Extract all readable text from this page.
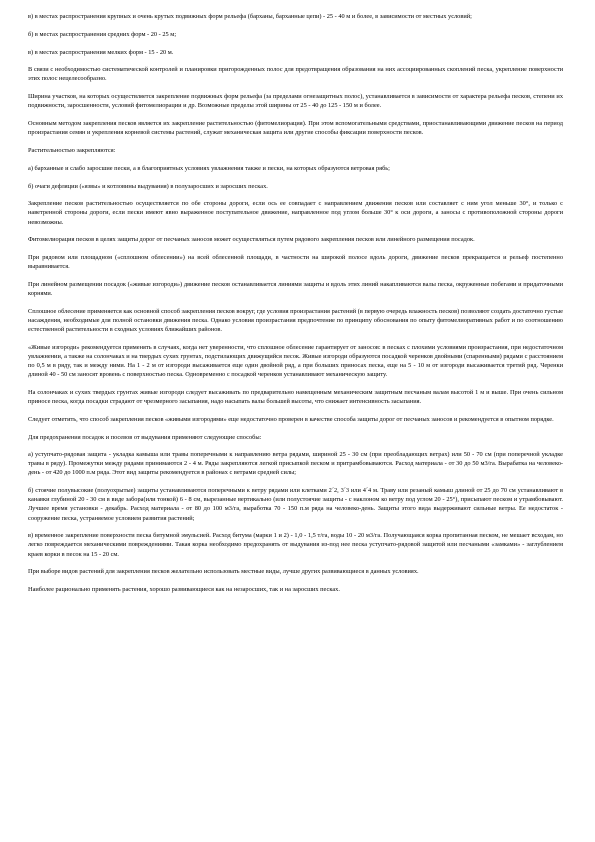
в) в местах распространения крупных и очень крутых подвижных форм рельефа (барханы, барханные цепи) - 25 - 40 м и более, в зависимости от местных условий;

б) в местах распространения средних форм - 20 - 25 м;

в) в местах распространения мелких форм - 15 - 20 м.

В связи с необходимостью систематической контролей и планировки пригорожденных полос для предотвращения образования на них ассоциированных скоплений песка, укрепление поверхности этих полос нецелесообразно.

Ширина участков, на которых осуществляется закрепление подвижных форм рельефа (за пределами огнезащитных полос), устанавливается в зависимости от характера рельефа песков, степени их подвижности, заросшенности, условий фитомелиорации и др. Возможные пределы этой ширины от 25 - 40 до 125 - 150 м и более.

Основным методом закрепления песков является их закрепление растительностью (фитомелиорация). При этом вспомогательными средствами, приостанавливающими движение песков на период произрастания семян и укрепления корневой системы растений, служат механическая защита или другие способы фиксации поверхности песков.

Растительностью закрепляются:

а) барханные и слабо заросшие пески, а в благоприятных условиях увлажнения также и пески, на которых образуются ветровая рябь;

б) очаги дефляции («язвы» и котловины выдувания) в полузаросших и заросших песках.

Закрепление песков растительностью осуществляется по обе стороны дороги, если ось ее совпадает с направлением движения песков или составляет с ним угол меньше 30°, и только с наветренной стороны дороги, если пески имеют явно выраженное поступательное движение, направленное под углом больше 30° к оси дороги, а заносы с противоположной стороны дороги невозможны.

Фитомелиорация песков в целях защиты дорог от песчаных заносов может осуществляться путем рядового закрепления песков или линейного размещения посадок.

При рядовом или площадном («сплошном облесении») на всей облесенной площади, в частности на широкой полосе вдоль дороги, движение песков прекращается и рельеф постепенно выравнивается.

При линейном размещении посадок («живые изгороди») движение песков останавливается линиями защиты и вдоль этих линий накапливаются валы песка, окруженные побегами и придаточными корнями.

Сплошное облесение применяется как основной способ закрепления песков вокруг, где условия произрастания растений (в первую очередь влажность песков) позволяют создать достаточно густые насаждения, необходимые для полной остановки движения песка. Однако условия произрастания предпочтение по принципу обоснования по опыту фитомелиоративных работ и по соотношению естественной растительности в сходных условиях ближайших районов.

«Живые изгороди» рекомендуется применять в случаях, когда нет уверенности, что сплошное облесение гарантирует от заносов: в песках с плохими условиями произрастания, при недостаточном увлажнении, а также на солончаках и на твердых сухих грунтах, подстилающих движущийся песок. Живые изгороди образуются посадкой черенков двойными (спаренными) рядами с расстоянием по 0,5 м в ряду, так и между ними. На 1 - 2 м от изгороди высаживается еще один двойной ряд, а при больших приносах песка, еще на 5 - 10 м от изгороди высаживается третий ряд. Черенки длиной 40 - 50 см заносят вровень с поверхностью песка. Одновременно с посадкой черенков устанавливают механическую защиту.

На солончаках и сухих твердых грунтах живые изгороди следует высаживать по предварительно намещенным механическим защитным песчаным валам высотой 1 м и выше. При очень сильном приносе песка, когда посадки страдают от чрезмерного засыпания, надо насыпать валы большей высоты, что снижает интенсивность засыпания.

Следует отметить, что способ закрепления песков «живыми изгородями» еще недостаточно проверен в качестве способа защиты дорог от песчаных заносов и рекомендуется в опытном порядке.

Для предохранения посадок и посевов от выдувания применяют следующие способы:

а) уступчато-рядовая защита - укладка камыша или травы поперечными к направлению ветра рядами, шириной 25 - 30 см (при преобладающих ветрах) или 50 - 70 см (при поперечной укладке травы в ряду). Промежутки между рядами принимаются 2 - 4 м. Ряды закрепляются легкой присыпкой песком и притрамбовываются. Расход материала - от 30 до 50 м3/га. Вырабатка на человеко-день - от 420 до 1000 п.м ряда. Этот вид защиты рекомендуется в районах с ветрами средней силы;

б) стоячие полувысокие (полуохрытые) защиты устанавливаются поперечными к ветру рядами или клетками 2´2, 3´3 или 4´4 м. Траву или резаный камыш длиной от 25 до 70 см устанавливают в канавки глубиной 20 - 30 см в виде забора(или тонкой) 6 - 8 см, вырезанные вертикально (или полустоячие защиты - с наклоном ко ветру под углом 20 - 25°), присыпают песком и утрамбовывают. Лучшее время установки - декабрь. Расход материала - от 80 до 100 м3/га, выработка 70 - 150 п.м ряда на человеко-день. Защиты этого вида выдерживают сильные ветры. Ее недостаток - сооружение песка, устраняемое условием развития растений;

в) временное закрепление поверхности песка битумной эмульсией. Расход битума (марки 1 и 2) - 1,0 - 1,5 т/га, воды 10 - 20 м3/га. Получающаяся корка пропитанная песком, не мешает всходам, но легко повреждается механическими повреждениями. Такая корка необходимо предохранять от выдувания из-под нее песка уступчато-рядовой защитой или песчаными «замками» - заглублением краев корки в песок на 15 - 20 см.

При выборе видов растений для закрепления песков желательно использовать местные виды, лучше других развивающиеся в данных условиях.

Наиболее рационально применять растения, хорошо развивающиеся как на незаросших, так и на заросших песках.
